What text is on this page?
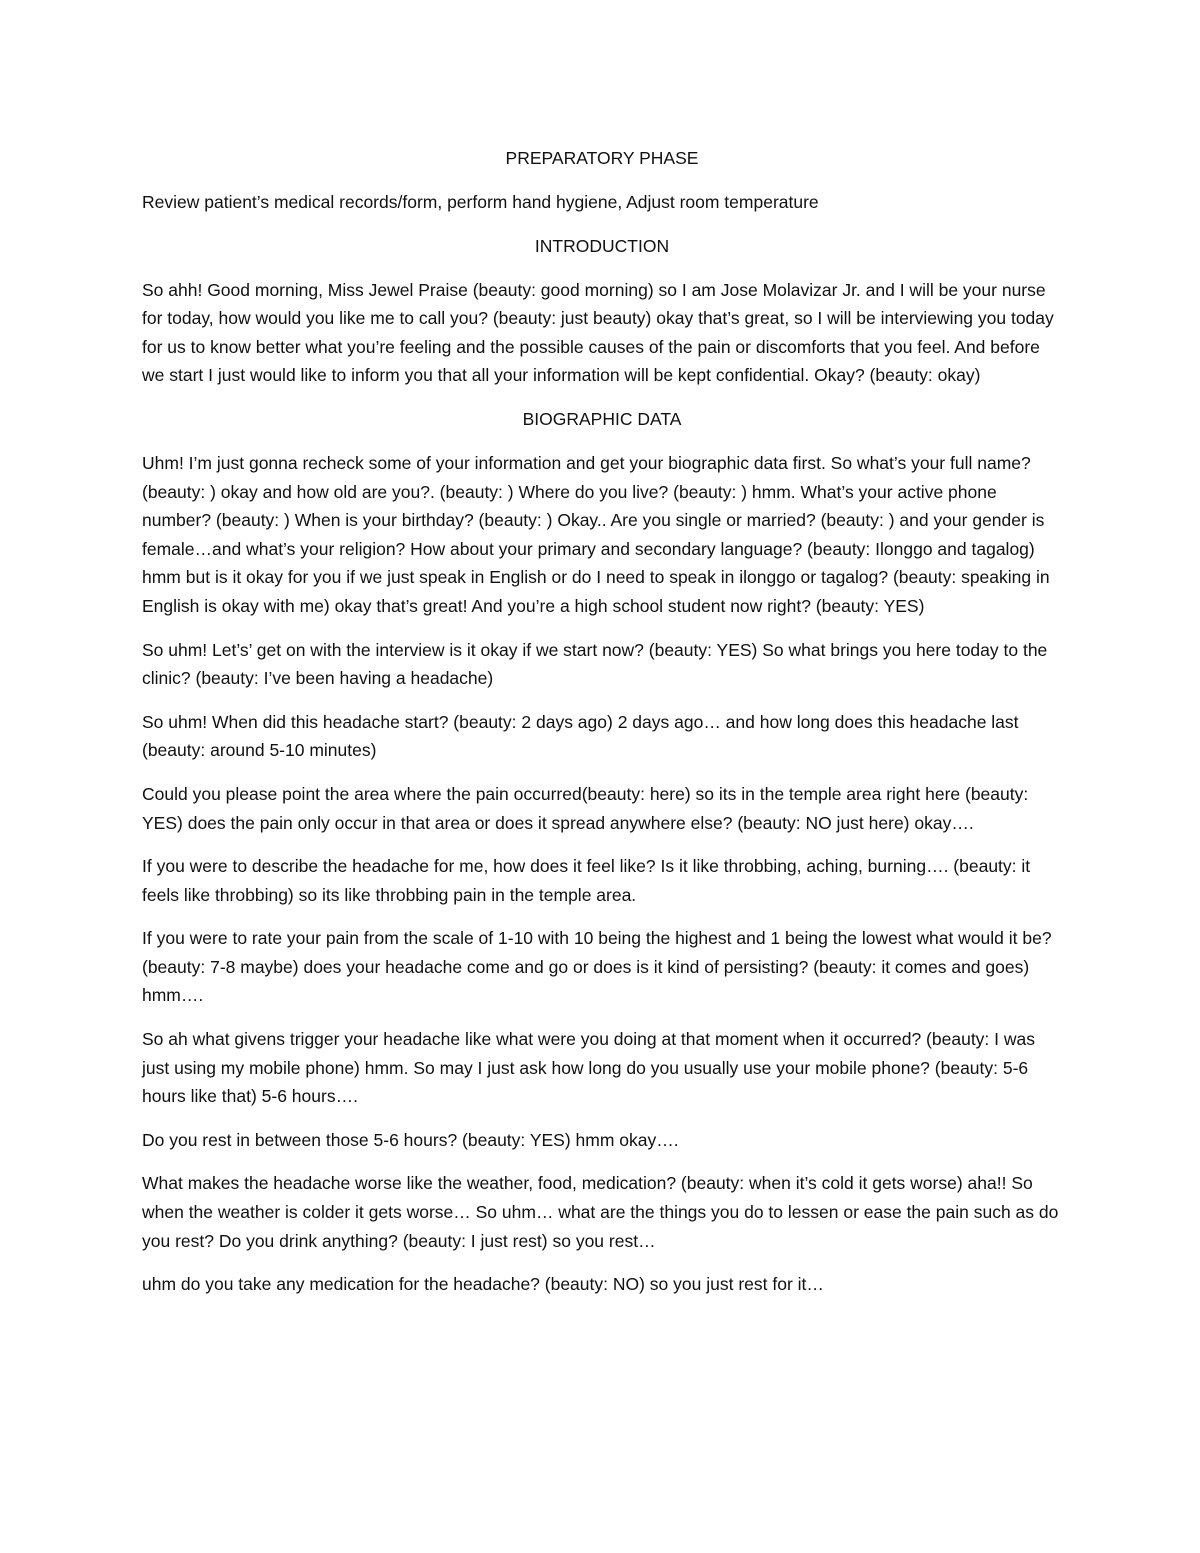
PREPARATORY PHASE

Review patient’s medical records/form, perform hand hygiene, Adjust room temperature

INTRODUCTION

So ahh! Good morning, Miss Jewel Praise (beauty: good morning) so I am Jose Molavizar Jr. and I will be your nurse for today, how would you like me to call you? (beauty: just beauty) okay that’s great, so I will be interviewing you today for us to know better what you’re feeling and the possible causes of the pain or discomforts that you feel. And before we start I just would like to inform you that all your information will be kept confidential. Okay? (beauty: okay)

BIOGRAPHIC DATA

Uhm! I’m just gonna recheck some of your information and get your biographic data first. So what’s your full name? (beauty: ) okay and how old are you?. (beauty: ) Where do you live? (beauty: ) hmm. What’s your active phone number? (beauty: ) When is your birthday? (beauty: ) Okay.. Are you single or married? (beauty: ) and your gender is female…and what’s your religion? How about your primary and secondary language? (beauty: Ilonggo and tagalog) hmm but is it okay for you if we just speak in English or do I need to speak in ilonggo or tagalog? (beauty: speaking in English is okay with me) okay that’s great! And you’re a high school student now right? (beauty: YES)

So uhm! Let’s’ get on with the interview is it okay if we start now? (beauty: YES) So what brings you here today to the clinic? (beauty: I’ve been having a headache)

So uhm! When did this headache start? (beauty: 2 days ago) 2 days ago… and how long does this headache last (beauty: around 5-10 minutes)

Could you please point the area where the pain occurred(beauty: here) so its in the temple area right here (beauty: YES) does the pain only occur in that area or does it spread anywhere else? (beauty: NO just here) okay….

If you were to describe the headache for me, how does it feel like? Is it like throbbing, aching, burning…. (beauty: it feels like throbbing) so its like throbbing pain in the temple area.

If you were to rate your pain from the scale of 1-10 with 10 being the highest and 1 being the lowest what would it be? (beauty: 7-8 maybe) does your headache come and go or does is it kind of persisting? (beauty: it comes and goes) hmm….

So ah what givens trigger your headache like what were you doing at that moment when it occurred? (beauty: I was just using my mobile phone) hmm. So may I just ask how long do you usually use your mobile phone? (beauty: 5-6 hours like that) 5-6 hours….

Do you rest in between those 5-6 hours? (beauty: YES) hmm okay….

What makes the headache worse like the weather, food, medication? (beauty: when it’s cold it gets worse) aha!! So when the weather is colder it gets worse… So uhm… what are the things you do to lessen or ease the pain such as do you rest? Do you drink anything? (beauty: I just rest) so you rest…

uhm do you take any medication for the headache? (beauty: NO) so you just rest for it…
